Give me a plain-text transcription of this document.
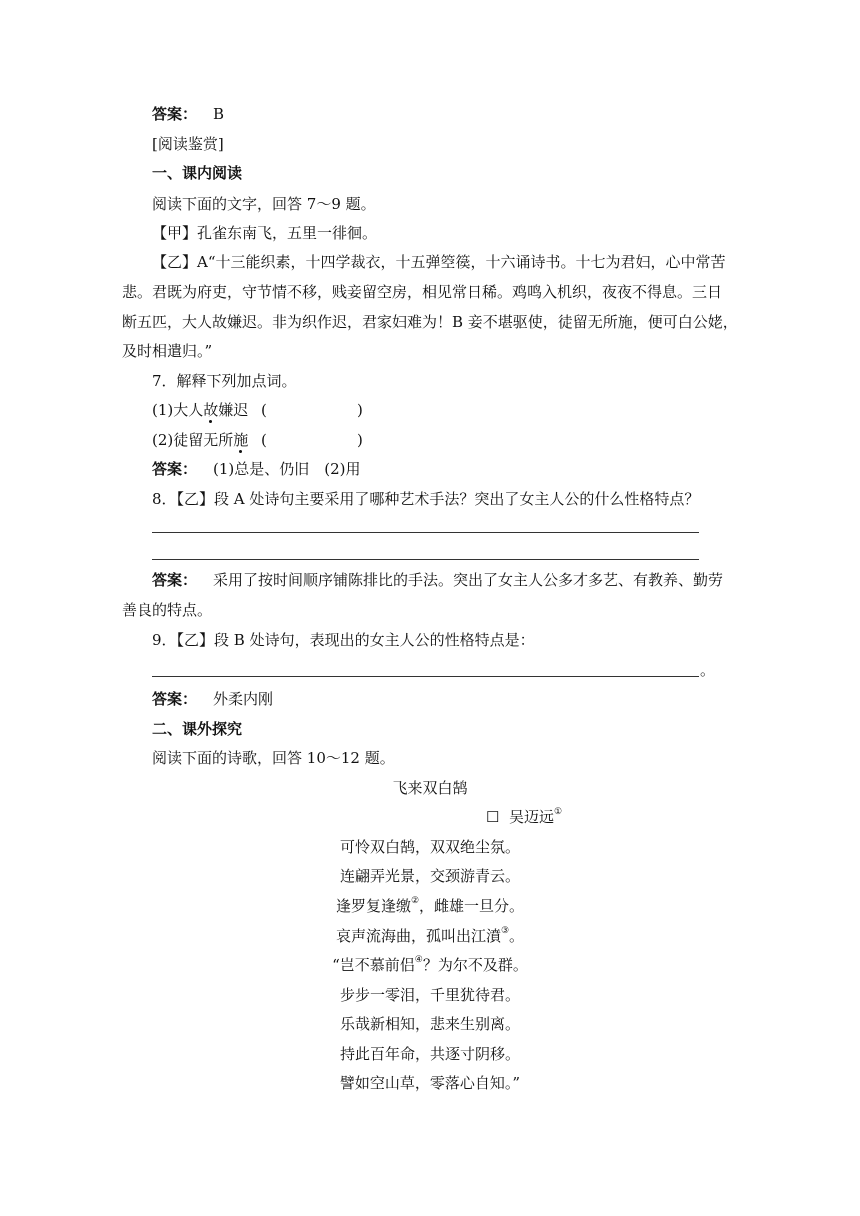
答案： B
[阅读鉴赏]
一、课内阅读
阅读下面的文字，回答 7～9 题。
【甲】孔雀东南飞，五里一徘徊。
【乙】A“十三能织素，十四学裁衣，十五弹箜篌，十六诵诗书。十七为君妇，心中常苦
悲。君既为府吏，守节情不移，贱妾留空房，相见常日稀。鸡鸣入机织，夜夜不得息。三日
断五匹，大人故嫌迟。非为织作迟，君家妇难为！B 妾不堪驱使，徒留无所施，便可白公姥，
及时相遣归。”
7．解释下列加点词。
(1)大人故嫌迟 (	)
(2)徒留无所施 (	)
答案： (1)总是、仍旧　(2)用
8．【乙】段 A 处诗句主要采用了哪种艺术手法？突出了女主人公的什么性格特点？
答案： 采用了按时间顺序铺陈排比的手法。突出了女主人公多才多艺、有教养、勤劳
善良的特点。
9．【乙】段 B 处诗句，表现出的女主人公的性格特点是：
。
答案： 外柔内刚
二、课外探究
阅读下面的诗歌，回答 10～12 题。
飞来双白鹄
☐ 吴迈远①
可怜双白鹄，双双绝尘氛。
连翩弄光景，交颈游青云。
逢罗复逢缴②，雌雄一旦分。
哀声流海曲，孤叫出江濆③。
“岂不慕前侣④？为尔不及群。
步步一零泪，千里犹待君。
乐哉新相知，悲来生别离。
持此百年命，共逐寸阴移。
譬如空山草，零落心自知。”
